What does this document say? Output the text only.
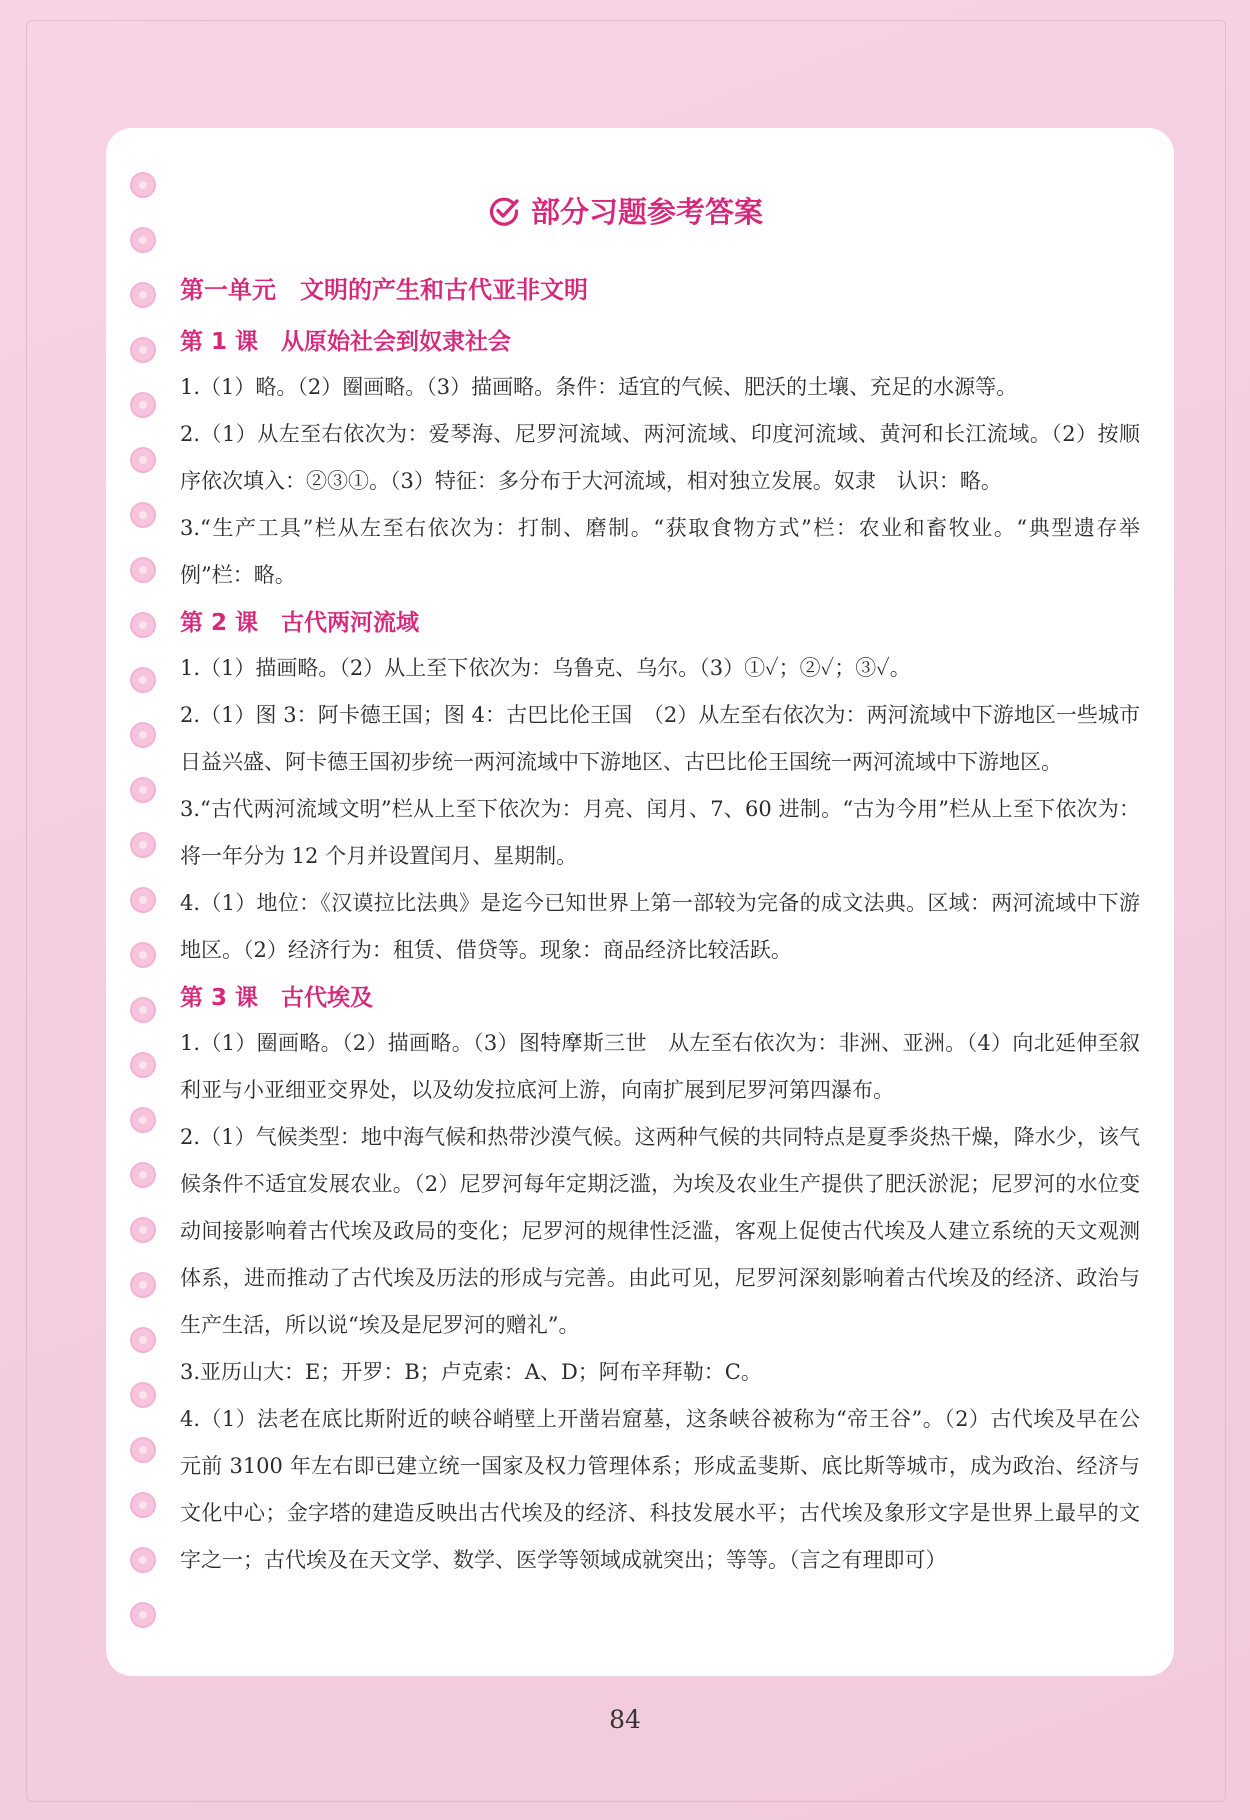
部分习题参考答案
第一单元　文明的产生和古代亚非文明
第 1 课　从原始社会到奴隶社会

1.（1）略。（2）圈画略。（3）描画略。条件：适宜的气候、肥沃的土壤、充足的水源等。

2.（1）从左至右依次为：爱琴海、尼罗河流域、两河流域、印度河流域、黄河和长江流域。（2）按顺序依次填入：②③①。（3）特征：多分布于大河流域，相对独立发展。奴隶　认识：略。

3.“生产工具”栏从左至右依次为：打制、磨制。“获取食物方式”栏：农业和畜牧业。“典型遗存举例”栏：略。

第 2 课　古代两河流域

1.（1）描画略。（2）从上至下依次为：乌鲁克、乌尔。（3）①✓；②✓；③✓。

2.（1）图 3：阿卡德王国；图 4：古巴比伦王国　（2）从左至右依次为：两河流域中下游地区一些城市日益兴盛、阿卡德王国初步统一两河流域中下游地区、古巴比伦王国统一两河流域中下游地区。

3.“古代两河流域文明”栏从上至下依次为：月亮、闰月、7、60 进制。“古为今用”栏从上至下依次为：将一年分为 12 个月并设置闰月、星期制。

4.（1）地位：《汉谟拉比法典》是迄今已知世界上第一部较为完备的成文法典。区域：两河流域中下游地区。（2）经济行为：租赁、借贷等。现象：商品经济比较活跃。

第 3 课　古代埃及

1.（1）圈画略。（2）描画略。（3）图特摩斯三世　从左至右依次为：非洲、亚洲。（4）向北延伸至叙利亚与小亚细亚交界处，以及幼发拉底河上游，向南扩展到尼罗河第四瀑布。

2.（1）气候类型：地中海气候和热带沙漠气候。这两种气候的共同特点是夏季炎热干燥，降水少，该气候条件不适宜发展农业。（2）尼罗河每年定期泛滥，为埃及农业生产提供了肥沃淤泥；尼罗河的水位变动间接影响着古代埃及政局的变化；尼罗河的规律性泛滥，客观上促使古代埃及人建立系统的天文观测体系，进而推动了古代埃及历法的形成与完善。由此可见，尼罗河深刻影响着古代埃及的经济、政治与生产生活，所以说“埃及是尼罗河的赠礼”。

3.亚历山大：E；开罗：B；卢克索：A、D；阿布辛拜勒：C。

4.（1）法老在底比斯附近的峡谷峭壁上开凿岩窟墓，这条峡谷被称为“帝王谷”。（2）古代埃及早在公元前 3100 年左右即已建立统一国家及权力管理体系；形成孟斐斯、底比斯等城市，成为政治、经济与文化中心；金字塔的建造反映出古代埃及的经济、科技发展水平；古代埃及象形文字是世界上最早的文字之一；古代埃及在天文学、数学、医学等领域成就突出；等等。（言之有理即可）

84
